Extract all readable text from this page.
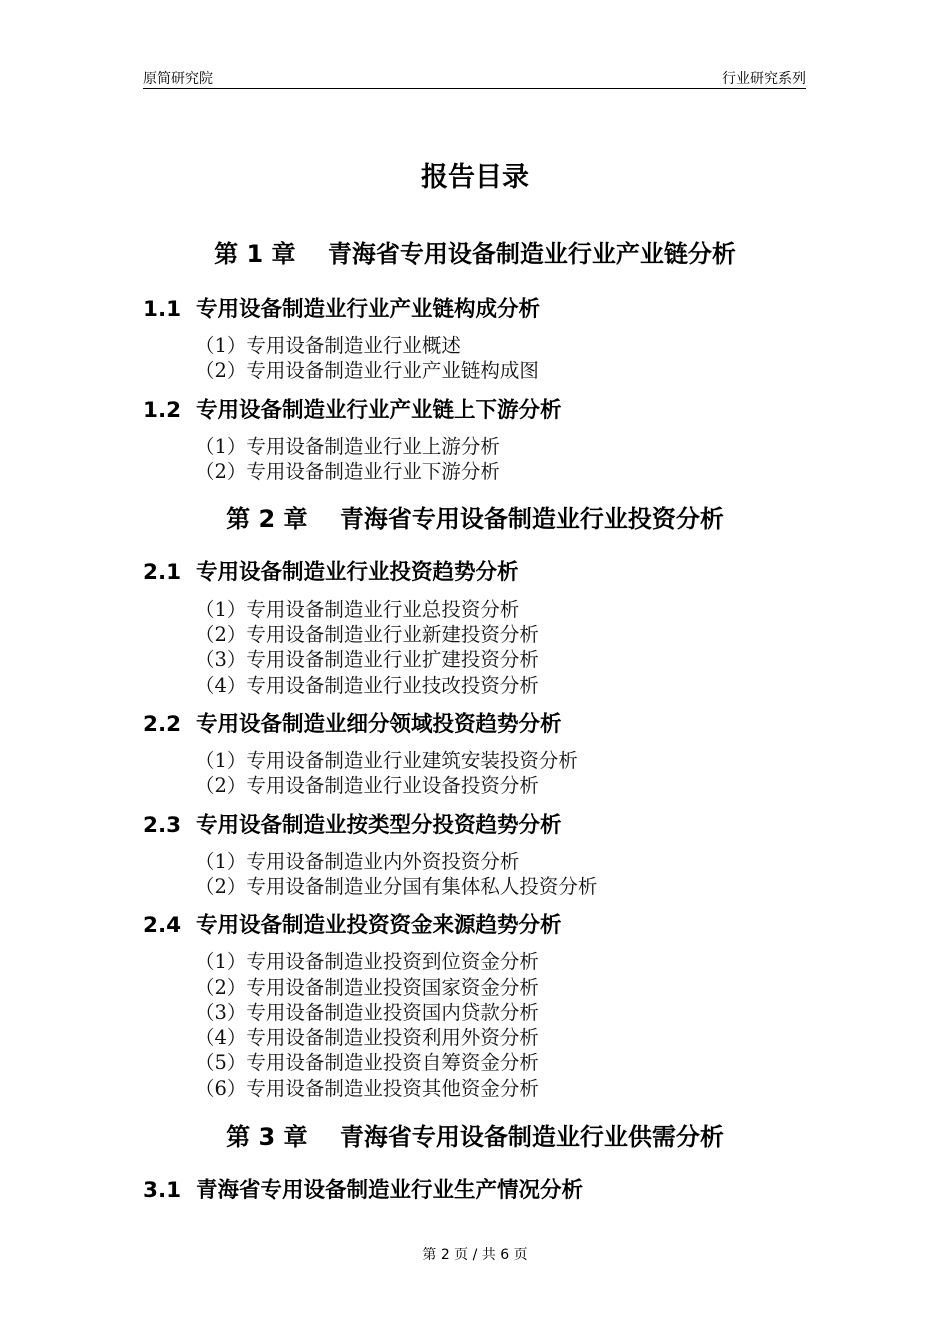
原简研究院	行业研究系列
报告目录
第 1 章　 青海省专用设备制造业行业产业链分析
1.1  专用设备制造业行业产业链构成分析
（1）专用设备制造业行业概述
（2）专用设备制造业行业产业链构成图
1.2  专用设备制造业行业产业链上下游分析
（1）专用设备制造业行业上游分析
（2）专用设备制造业行业下游分析
第 2 章　 青海省专用设备制造业行业投资分析
2.1  专用设备制造业行业投资趋势分析
（1）专用设备制造业行业总投资分析
（2）专用设备制造业行业新建投资分析
（3）专用设备制造业行业扩建投资分析
（4）专用设备制造业行业技改投资分析
2.2  专用设备制造业细分领域投资趋势分析
（1）专用设备制造业行业建筑安装投资分析
（2）专用设备制造业行业设备投资分析
2.3  专用设备制造业按类型分投资趋势分析
（1）专用设备制造业内外资投资分析
（2）专用设备制造业分国有集体私人投资分析
2.4  专用设备制造业投资资金来源趋势分析
（1）专用设备制造业投资到位资金分析
（2）专用设备制造业投资国家资金分析
（3）专用设备制造业投资国内贷款分析
（4）专用设备制造业投资利用外资分析
（5）专用设备制造业投资自筹资金分析
（6）专用设备制造业投资其他资金分析
第 3 章　 青海省专用设备制造业行业供需分析
3.1  青海省专用设备制造业行业生产情况分析
第 2 页 / 共 6 页
